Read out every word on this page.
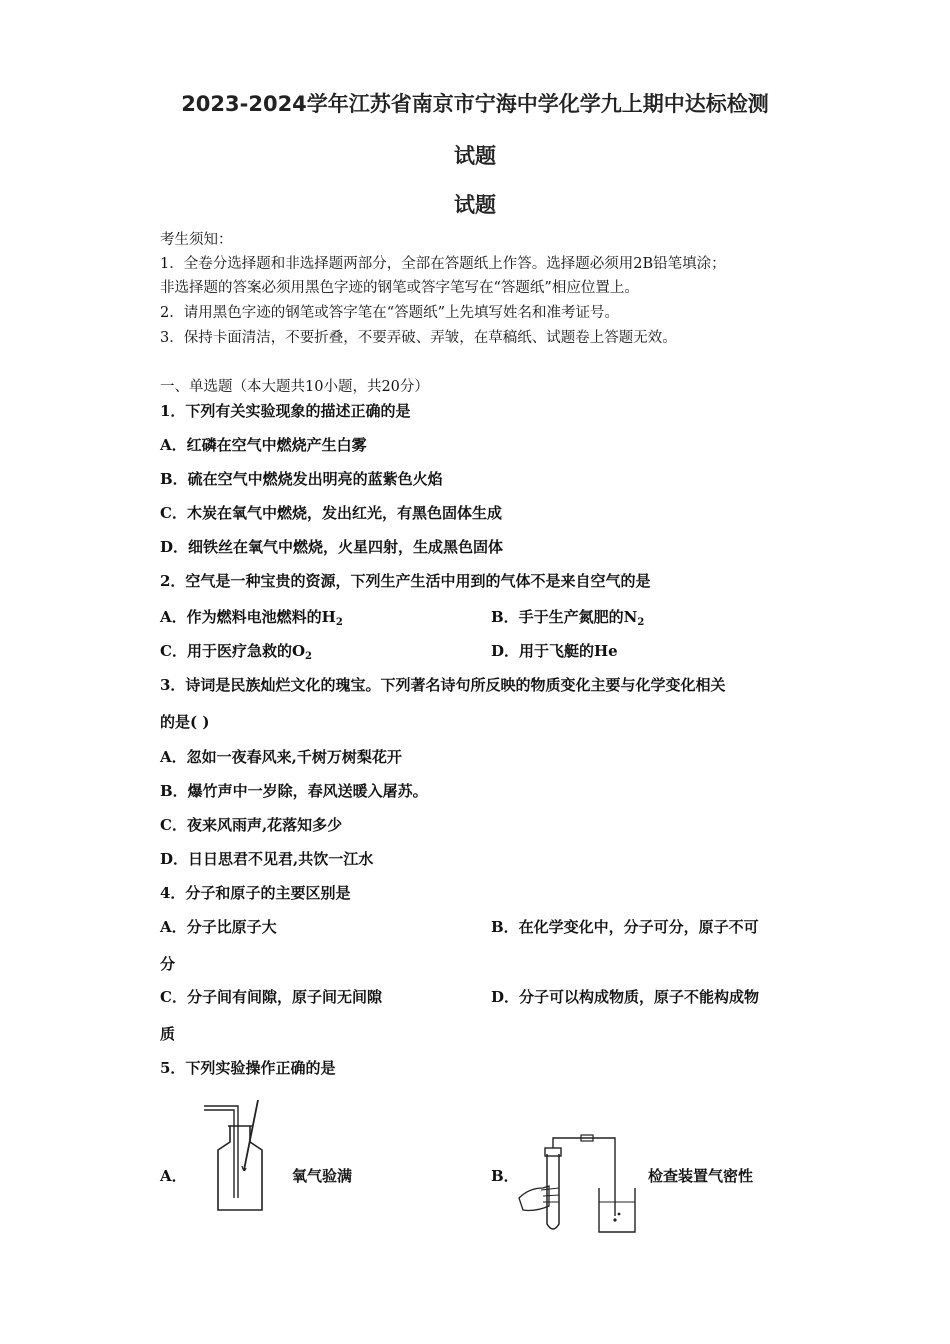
2023-2024学年江苏省南京市宁海中学化学九上期中达标检测
试题
试题
考生须知：
1．全卷分选择题和非选择题两部分，全部在答题纸上作答。选择题必须用2B铅笔填涂；
非选择题的答案必须用黑色字迹的钢笔或答字笔写在“答题纸”相应位置上。
2．请用黑色字迹的钢笔或答字笔在“答题纸”上先填写姓名和准考证号。
3．保持卡面清洁，不要折叠，不要弄破、弄皱，在草稿纸、试题卷上答题无效。
一、单选题（本大题共10小题，共20分）
1．下列有关实验现象的描述正确的是
A．红磷在空气中燃烧产生白雾
B．硫在空气中燃烧发出明亮的蓝紫色火焰
C．木炭在氧气中燃烧，发出红光，有黑色固体生成
D．细铁丝在氧气中燃烧，火星四射，生成黑色固体
2．空气是一种宝贵的资源，下列生产生活中用到的气体不是来自空气的是
A．作为燃料电池燃料的$H_2$	B．手于生产氮肥的$N_2$
C．用于医疗急救的$O_2$	D．用于飞艇的He
3．诗词是民族灿烂文化的瑰宝。下列著名诗句所反映的物质变化主要与化学变化相关
的是( )
A．忽如一夜春风来,千树万树梨花开
B．爆竹声中一岁除，春风送暖入屠苏。
C．夜来风雨声,花落知多少
D．日日思君不见君,共饮一江水
4．分子和原子的主要区别是
A．分子比原子大	B．在化学变化中，分子可分，原子不可
分
C．分子间有间隙，原子间无间隙	D．分子可以构成物质，原子不能构成物
质
5．下列实验操作正确的是
A．	氧气验满	B．	检查装置气密性
